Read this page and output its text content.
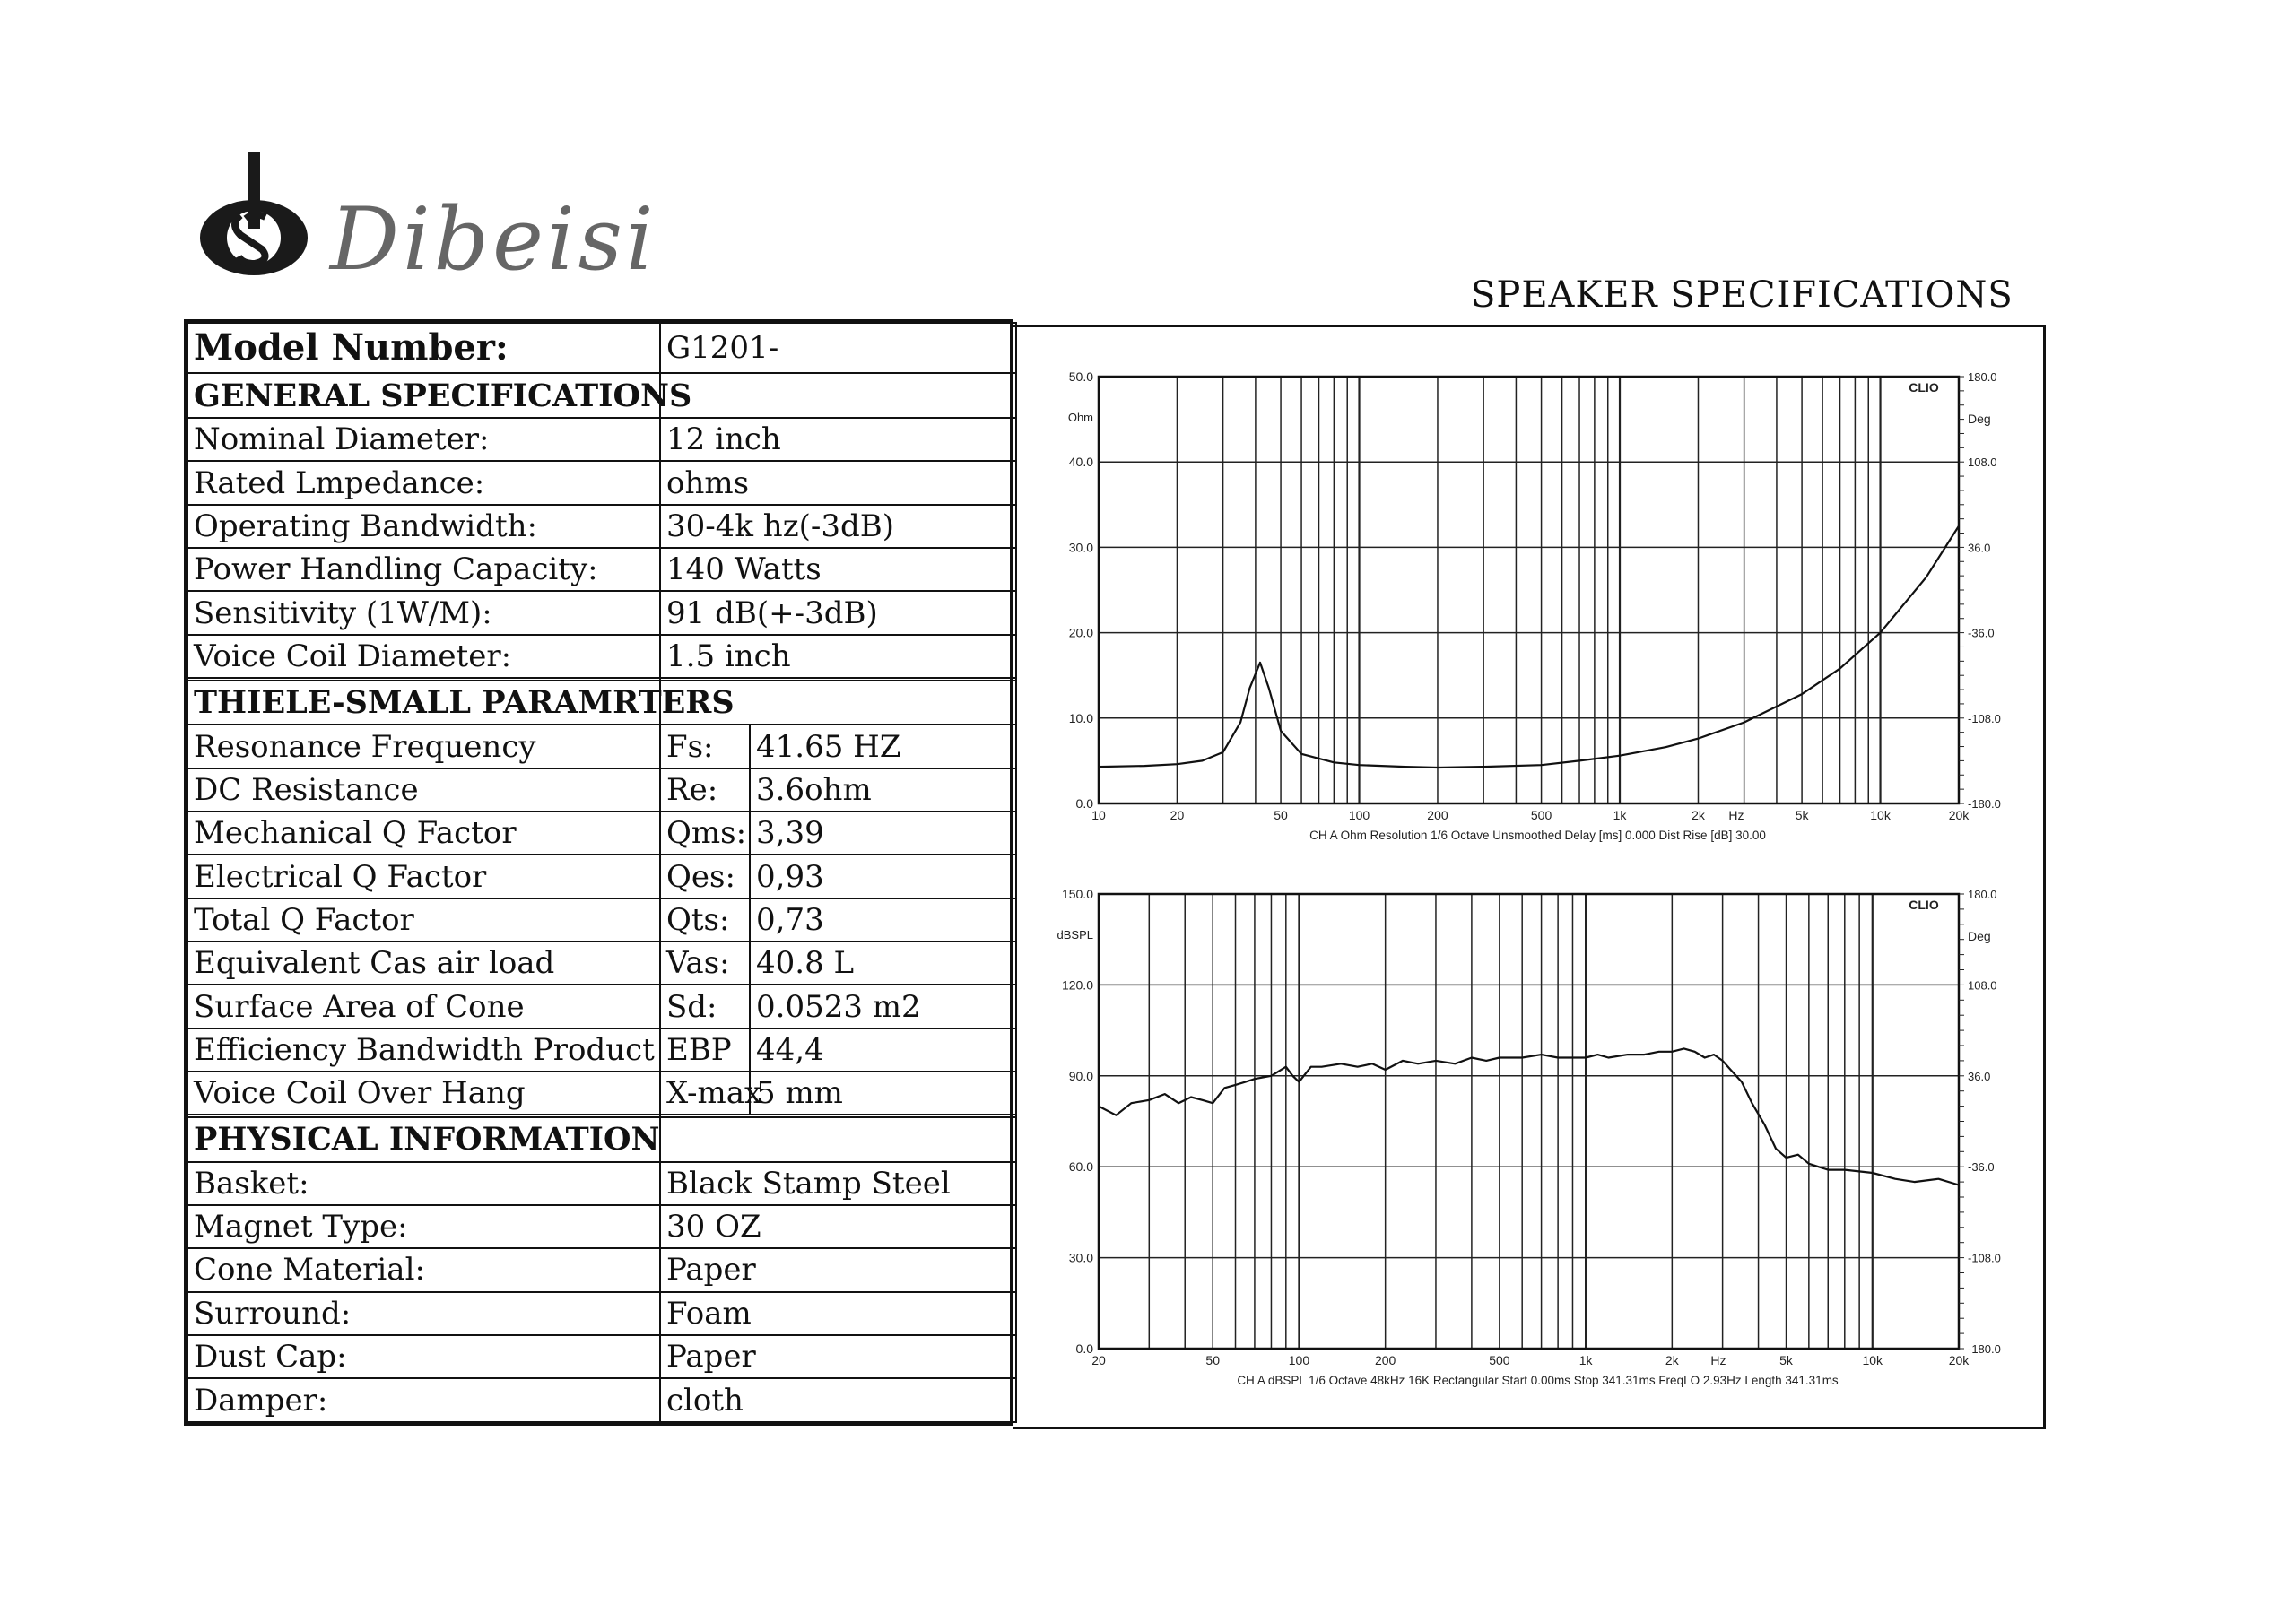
Dibeisi
SPEAKER SPECIFICATIONS
Model Number:	G1201-	
GENERAL SPECIFICATIONS		
Nominal Diameter:	12 inch	
Rated Lmpedance:	ohms	
Operating Bandwidth:	30-4k hz(-3dB)	
Power Handling Capacity:	140 Watts	
Sensitivity (1W/M):	91 dB(+-3dB)	
Voice Coil Diameter:	1.5 inch	

THIELE-SMALL PARAMRTERS		
Resonance Frequency	Fs:	41.65 HZ
DC Resistance	Re:	3.6ohm
Mechanical Q Factor	Qms:	3,39
Electrical Q Factor	Qes:	0,93
Total Q Factor	Qts:	0,73
Equivalent Cas air load	Vas:	40.8 L
Surface Area of Cone	Sd:	0.0523 m2
Efficiency Bandwidth Product	EBP	44,4
Voice Coil Over Hang	X-max	5 mm

PHYSICAL INFORMATION		
Basket:	Black Stamp Steel	
Magnet Type:	30 OZ	
Cone Material:	Paper	
Surround:	Foam	
Dust Cap:	Paper	
Damper:	cloth	
0.0
10.0
20.0
30.0
40.0
50.0
-180.0
-108.0
-36.0
36.0
108.0
180.0
Ohm	Deg
CLIO
10	20	50	100	200	500	1k	2k	5k	10k	20k
Hz
CH A Ohm Resolution 1/6 Octave Unsmoothed Delay [ms] 0.000 Dist Rise [dB] 30.00
0.0
30.0
60.0
90.0
120.0
150.0
-180.0
-108.0
-36.0
36.0
108.0
180.0
dBSPL	Deg
CLIO
20	50	100	200	500	1k	2k	5k	10k	20k
Hz
CH A dBSPL 1/6 Octave 48kHz 16K Rectangular Start 0.00ms Stop 341.31ms FreqLO 2.93Hz Length 341.31ms
